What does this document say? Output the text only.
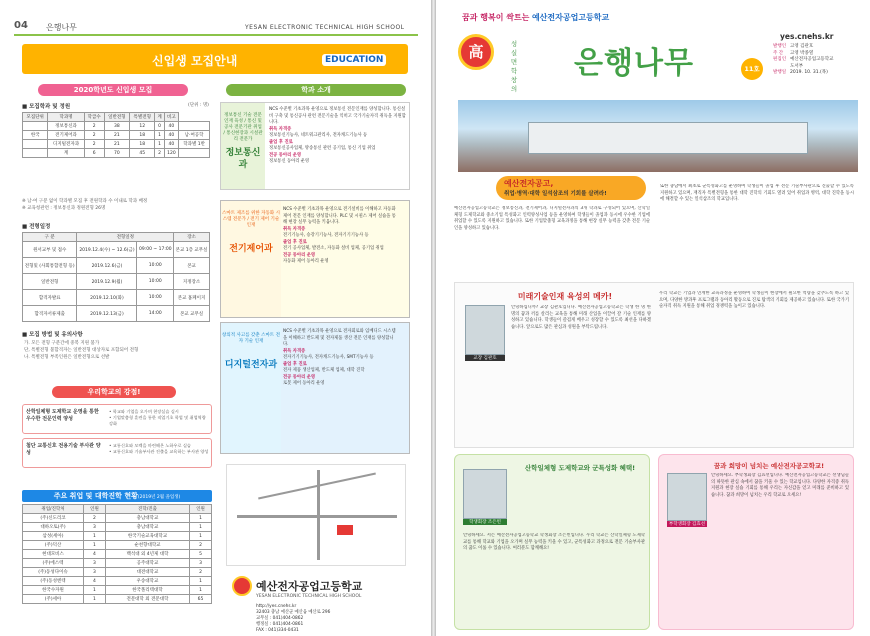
04 은행나무	YESAN ELECTRONIC TECHNICAL HIGH SCHOOL
신입생 모집안내	EDUCATION
2020학년도 신입생 모집
■ 모집학과 및 정원	(단위 : 명)
모집단위	학과명	학급수	일반전형	특별전형	계	비고	
	정보통신과	2	38	12	0	40	
한국	전기제어과	2	21	18	1	40	남·여공학
	디지털전자과	2	21	18	1	40	학과별 1반
	계	6	70	45	2	120	
※ 남·여 구분 없이 학과별 모집 후 전원학과 수 이내로 학과 배정
※ 교육청관련 : 정보통신과 정원전형 26명
■ 전형일정
구 분	전형일정		장소
원서교부 및 접수	2019.12.4(수) ~ 12.6(금)	09:00 ~ 17:00	본교 1층 교무실
전형및 (사회통합전형 등)	2019.12.6(금)	10:00	본교
일반전형	2019.12.9(월)	10:00	지정장소
합격자발표	2019.12.10(화)	10:00	본교 홈페이지
합격자서류제출	2019.12.13(금)	14:00	본교 교무실
■ 모집 방법 및 유의사항
가. 모든 전형 구분간에 중복 지원 불가
단, 특별전형 불합격자는 일반전형 대상자로 포함되어 전형
나. 특별전형 부족인원은 일반전형으로 선발
우리학교의 강점!
산학일체형 도제학교 운영을 통한 우수한 전문인력 양성
• 학교와 기업을 오가며 현장실습 실시
• 기업맞춤형 훈련을 통한 직업기초 학업 및 취업역량 강화
첨단 교통신호 전용기술 부사관 양성
• 교통신호와 모렉을 마련해온 노하우로 실습
• 교통신호와 기술부사관 진출을 교육하는 부사관 양성
주요 취업 및 대학진학 현황(2019년 2월 졸업생)
취업/진학처	인원	진학/진출	인원
(주)신도리코	2	충남대학교	1
대하오토(주)	3	충남대학교	1
삼성(세아)	1	한국기술교육대학교	1
(주)덕산	1	순천향대학교	2
현대모비스	4	백석대 외 4년제 대학	5
(주)에스텍	3	공주대학교	3
(주)동성다이슈	3	대전대학교	2
(주)동성엔텍	4	우송대학교	1
한국수자원	1	한국폴리텍대학	1
(주)세아	1	전문대학 외 전문대학	65
학과 소개
정보통신 기술 전문 인재 육성 / 통신 및 공사 전문기관 취업 / 통신현장과 시설관리 전문가
정보통신과
NCS 수준별 기초과목 운영으로 정보통신 전문인재를 양성합니다. 통신설비 구축 및 통신공사 관련 전문기술을 익히고 국가기술자격 취득을 지원합니다.
취득 자격증
정보통신기능사, 네트워크관리사, 전자캐드기능사 등
졸업 후 진로
정보통신공사업체, 방송통신 관련 공기업, 통신 기업 취업
전공 동아리 운영
정보통신 동아리 운영
스마트 제조를 위한 자동화 시스템 전문가 / 전기 제어 기술 인재
전기제어과
NCS 수준별 기초과목 운영으로 전기설비를 이해하고 자동화 제어 전문 인재를 양성합니다. PLC 및 시퀀스 제어 실습을 통해 현장 실무 능력을 키웁니다.
취득 자격증
전기기능사, 승강기기능사, 전자기기기능사 등
졸업 후 진로
전기 공사업체, 발전소, 자동화 설비 업체, 공기업 취업
전공 동아리 운영
자동화 제어 동아리 운영
창의적 사고를 갖춘 스마트 전자 기술 인재
디지털전자과
NCS 수준별 기초과목 운영으로 전자회로와 임베디드 시스템을 이해하고 반도체 및 전자제품 생산 전문 인재를 양성합니다.
취득 자격증
전자기기기능사, 전자캐드기능사, SMT기능사 등
졸업 후 진로
전자 제품 생산업체, 반도체 업체, 대학 진학
전공 동아리 운영
로봇 제어 동아리 운영
예산전자공업고등학교
YESAN ELECTRONIC TECHNICAL HIGH SCHOOL
http://yes.cnehs.kr
32403 충남 예산군 예산읍 예산로 296
교무실 : 041)404-0862
행정실 : 041)404-0861
FAX : 041)334-0431
꿈과 행복이 싹트는 예산전자공업고등학교
高	성
실
면
학
창
의
은행나무	11호
yes.cnehs.kr
발행인 고영 김관호
주 간 고영 박종열
편집인 예산전자공업고등학교
도서부
발행일 2019. 10. 31.(목)
예산전자공고,
취업·병역·대학 일석삼조의 기회를 살려라!
예산전자공업고등학교는 정보통신과, 전기제어과, 디지털전자과의 3개 학과로 구성되어 있으며, 산학일체형 도제학교와 중소기업 특성화고 인력양성사업 등을 운영하여 학생들이 졸업과 동시에 우수한 기업에 취업할 수 있도록 지원하고 있습니다. 또한 기업맞춤형 교육과정을 통해 현장 실무 능력을 갖춘 전문 기술인을 양성하고 있습니다.
또한 충남에서 최초로 군특성화고를 운영하여 학생들이 졸업 후 전문 기술부사관으로 진출할 수 있도록 지원하고 있으며, 재직자 특별전형을 통한 대학 진학의 기회도 열려 있어 취업과 병역, 대학 진학을 동시에 해결할 수 있는 일석삼조의 학교입니다.
미래기술인재 육성의 메카!
교장 김관호
안녕하십니까? 교장 김관호입니다. 예산전자공업고등학교는 학생 한 명 한 명의 꿈과 끼를 살리는 교육을 통해 미래 산업을 이끌어 갈 기술 인재를 양성하고 있습니다. 학생들이 즐겁게 배우고 성장할 수 있도록 최선을 다하겠습니다. 앞으로도 많은 관심과 성원을 부탁드립니다.
우리 학교는 기업과 연계한 교육과정을 운영하여 학생들이 현장에서 필요한 역량을 갖추도록 하고 있으며, 다양한 방과후 프로그램과 동아리 활동으로 진로 탐색의 기회를 제공하고 있습니다. 또한 국가기술자격 취득 지원을 통해 취업 경쟁력을 높이고 있습니다.
산학일체형 도제학교와 군특성화 혜택!
학생회장 조은빈
안녕하세요. 저는 예산전자공업고등학교 학생회장 조은빈입니다. 우리 학교는 산학일체형 도제학교를 통해 학교와 기업을 오가며 실무 능력을 키울 수 있고, 군특성화고 과정으로 전문 기술부사관의 꿈도 이룰 수 있습니다. 여러분도 함께해요!
꿈과 희망이 넘치는 예산전자공고학교!
부학생회장 김효선
안녕하세요. 부학생회장 김효선입니다. 예산전자공업고등학교는 선생님들의 따뜻한 관심 속에서 꿈을 키울 수 있는 학교입니다. 다양한 자격증 취득 지원과 현장 실습 기회를 통해 우리는 자신감을 얻고 미래를 준비하고 있습니다. 꿈과 희망이 넘치는 우리 학교로 오세요!
